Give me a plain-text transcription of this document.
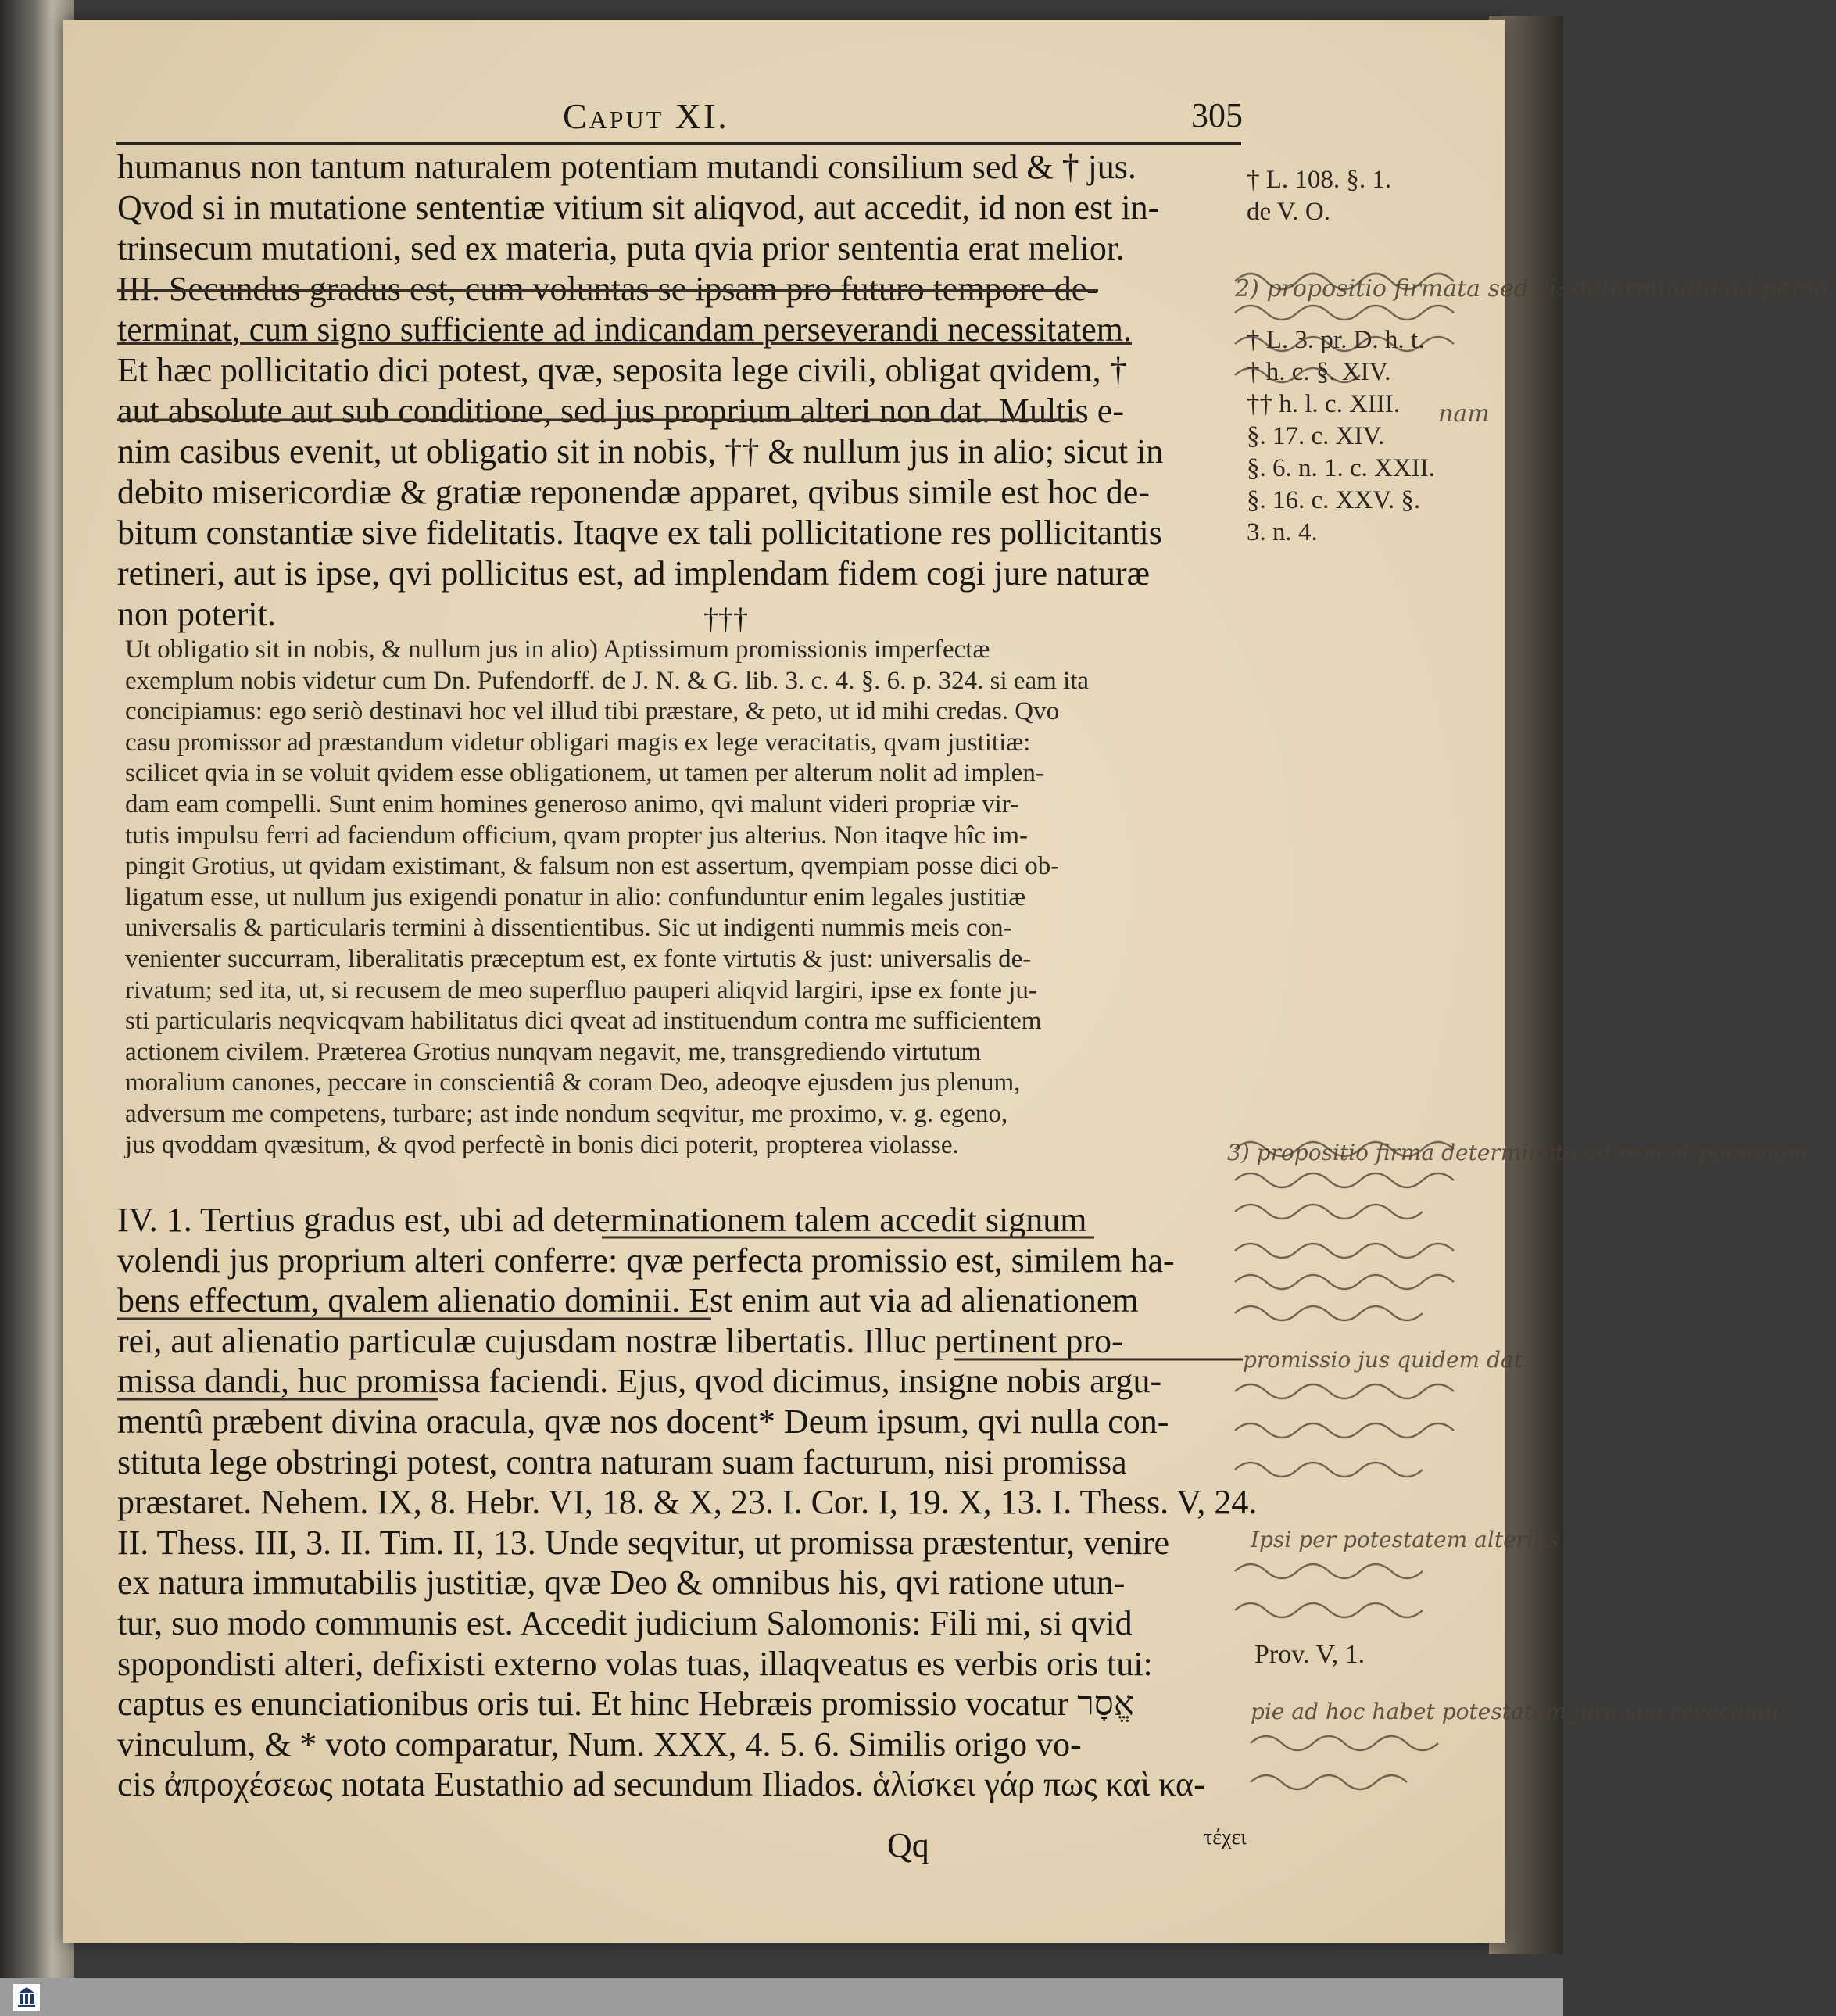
Caput XI.	305
humanus non tantum naturalem potentiam mutandi consilium sed & † jus.
Qvod si in mutatione sententiæ vitium sit aliqvod, aut accedit, id non est in-
trinsecum mutationi, sed ex materia, puta qvia prior sententia erat melior.
III. Secundus gradus est, cum voluntas se ipsam pro futuro tempore de-
terminat, cum signo sufficiente ad indicandam perseverandi necessitatem.
Et hæc pollicitatio dici potest, qvæ, seposita lege civili, obligat qvidem, †
aut absolute aut sub conditione, sed jus proprium alteri non dat. Multis e-
nim casibus evenit, ut obligatio sit in nobis, †† & nullum jus in alio; sicut in
debito misericordiæ & gratiæ reponendæ apparet, qvibus simile est hoc de-
bitum constantiæ sive fidelitatis. Itaqve ex tali pollicitatione res pollicitantis
retineri, aut is ipse, qvi pollicitus est, ad implendam fidem cogi jure naturæ
non poterit.	†††
Ut obligatio sit in nobis, & nullum jus in alio) Aptissimum promissionis imperfectæ
exemplum nobis videtur cum Dn. Pufendorff. de J. N. & G. lib. 3. c. 4. §. 6. p. 324. si eam ita
concipiamus: ego seriò destinavi hoc vel illud tibi præstare, & peto, ut id mihi credas. Qvo
casu promissor ad præstandum videtur obligari magis ex lege veracitatis, qvam justitiæ:
scilicet qvia in se voluit qvidem esse obligationem, ut tamen per alterum nolit ad implen-
dam eam compelli. Sunt enim homines generoso animo, qvi malunt videri propriæ vir-
tutis impulsu ferri ad faciendum officium, qvam propter jus alterius. Non itaqve hîc im-
pingit Grotius, ut qvidam existimant, & falsum non est assertum, qvempiam posse dici ob-
ligatum esse, ut nullum jus exigendi ponatur in alio: confunduntur enim legales justitiæ
universalis & particularis termini à dissentientibus. Sic ut indigenti nummis meis con-
venienter succurram, liberalitatis præceptum est, ex fonte virtutis & just: universalis de-
rivatum; sed ita, ut, si recusem de meo superfluo pauperi aliqvid largiri, ipse ex fonte ju-
sti particularis neqvicqvam habilitatus dici qveat ad instituendum contra me sufficientem
actionem civilem. Præterea Grotius nunqvam negavit, me, transgrediendo virtutum
moralium canones, peccare in conscientiâ & coram Deo, adeoqve ejusdem jus plenum,
adversum me competens, turbare; ast inde nondum seqvitur, me proximo, v. g. egeno,
jus qvoddam qvæsitum, & qvod perfectè in bonis dici poterit, propterea violasse.
IV. 1. Tertius gradus est, ubi ad determinationem talem accedit signum
volendi jus proprium alteri conferre: qvæ perfecta promissio est, similem ha-
bens effectum, qvalem alienatio dominii. Est enim aut via ad alienationem
rei, aut alienatio particulæ cujusdam nostræ libertatis. Illuc pertinent pro-
missa dandi, huc promissa faciendi. Ejus, qvod dicimus, insigne nobis argu-
mentû præbent divina oracula, qvæ nos docent* Deum ipsum, qvi nulla con-
stituta lege obstringi potest, contra naturam suam facturum, nisi promissa
præstaret. Nehem. IX, 8. Hebr. VI, 18. & X, 23. I. Cor. I, 19. X, 13. I. Thess. V, 24.
II. Thess. III, 3. II. Tim. II, 13. Unde seqvitur, ut promissa præstentur, venire
ex natura immutabilis justitiæ, qvæ Deo & omnibus his, qvi ratione utun-
tur, suo modo communis est. Accedit judicium Salomonis: Fili mi, si qvid
spopondisti alteri, defixisti externo volas tuas, illaqveatus es verbis oris tui:
captus es enunciationibus oris tui. Et hinc Hebræis promissio vocatur אֱסָר
vinculum, & * voto comparatur, Num. XXX, 4. 5. 6. Similis origo vo-
cis ἀπροχέσεως notata Eustathio ad secundum Iliados. ἁλίσκει γάρ πως καὶ κα-
† L. 108. §. 1.
de V. O.
† L. 3. pr. D. h. t.
† h. c. §. XIV.
†† h. l. c. XIII.
§. 17. c. XIV.
§. 6. n. 1. c. XXII.
§. 16. c. XXV. §.
3. n. 4.
Prov. V, 1.
2) propositio firmata sed ci: determinata ad perso-
nam
3) propositio firma determinata ad rem et personam
promissio jus quidem dat
Ipsi per potestatem alterius
pie ad hoc habet potestatem jura sua revocandi
Qq	τέχει
